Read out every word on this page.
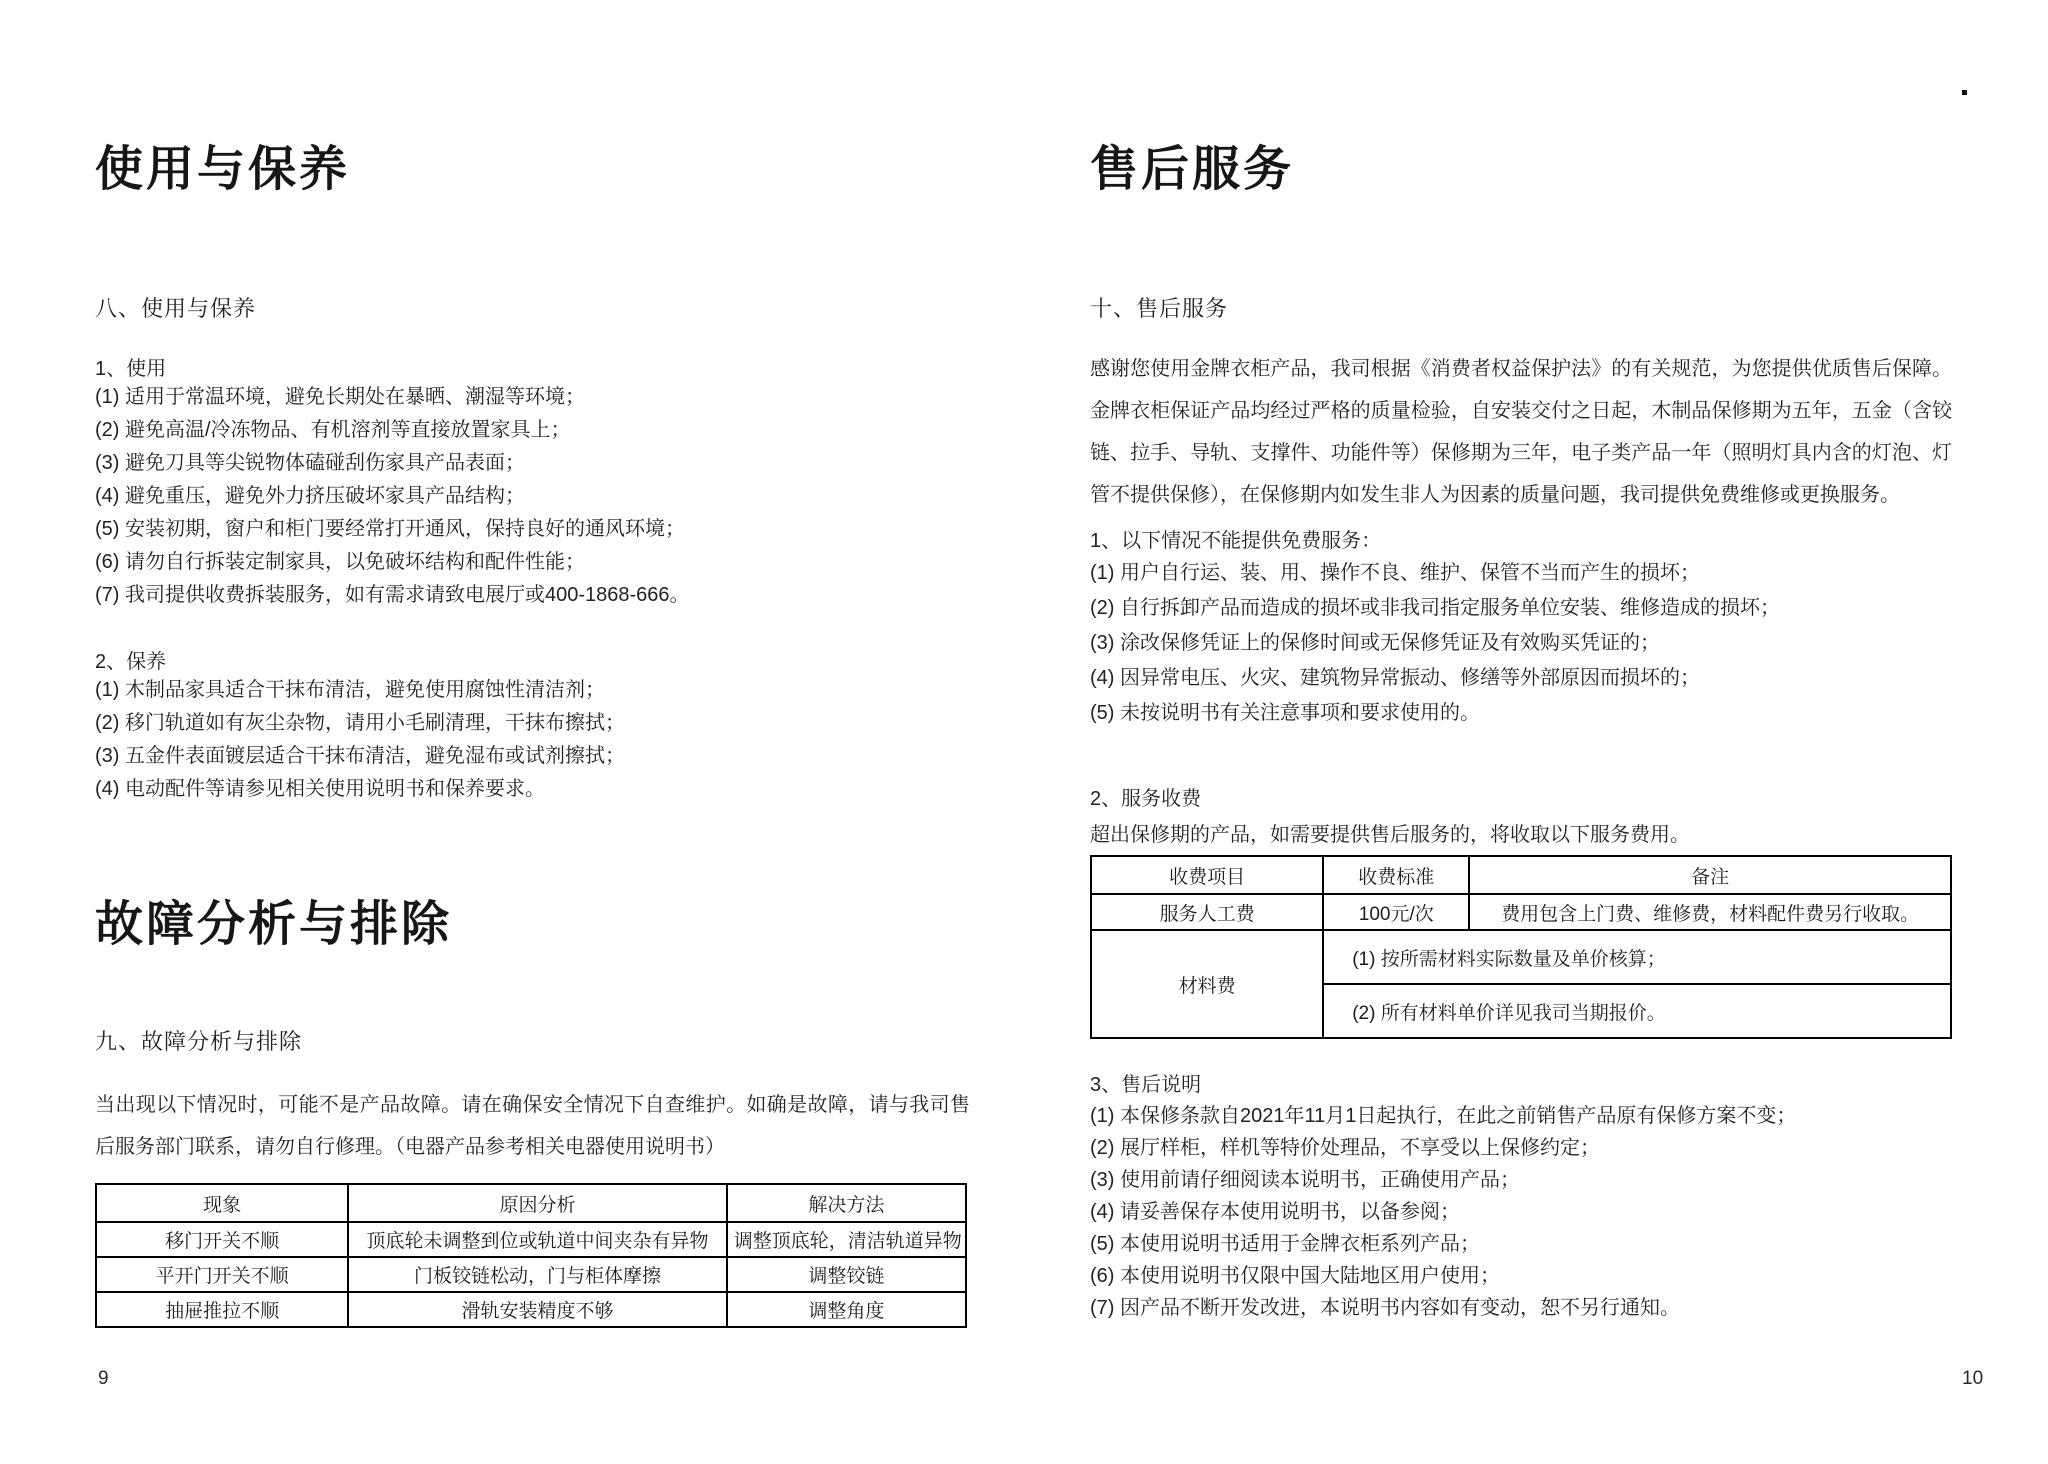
使用与保养
八、使用与保养
1、使用
(1) 适用于常温环境，避免长期处在暴晒、潮湿等环境；
(2) 避免高温/冷冻物品、有机溶剂等直接放置家具上；
(3) 避免刀具等尖锐物体磕碰刮伤家具产品表面；
(4) 避免重压，避免外力挤压破坏家具产品结构；
(5) 安装初期，窗户和柜门要经常打开通风，保持良好的通风环境；
(6) 请勿自行拆装定制家具，以免破坏结构和配件性能；
(7) 我司提供收费拆装服务，如有需求请致电展厅或400-1868-666。
2、保养
(1) 木制品家具适合干抹布清洁，避免使用腐蚀性清洁剂；
(2) 移门轨道如有灰尘杂物，请用小毛刷清理，干抹布擦拭；
(3) 五金件表面镀层适合干抹布清洁，避免湿布或试剂擦拭；
(4) 电动配件等请参见相关使用说明书和保养要求。
故障分析与排除
九、故障分析与排除
当出现以下情况时，可能不是产品故障。请在确保安全情况下自查维护。如确是故障，请与我司售后服务部门联系，请勿自行修理。（电器产品参考相关电器使用说明书）
现象	原因分析	解决方法
移门开关不顺	顶底轮未调整到位或轨道中间夹杂有异物	调整顶底轮，清洁轨道异物
平开门开关不顺	门板铰链松动，门与柜体摩擦	调整铰链
抽屉推拉不顺	滑轨安装精度不够	调整角度
9
售后服务
十、售后服务
感谢您使用金牌衣柜产品，我司根据《消费者权益保护法》的有关规范，为您提供优质售后保障。金牌衣柜保证产品均经过严格的质量检验，自安装交付之日起，木制品保修期为五年，五金（含铰链、拉手、导轨、支撑件、功能件等）保修期为三年，电子类产品一年（照明灯具内含的灯泡、灯管不提供保修），在保修期内如发生非人为因素的质量问题，我司提供免费维修或更换服务。
1、以下情况不能提供免费服务：
(1) 用户自行运、装、用、操作不良、维护、保管不当而产生的损坏；
(2) 自行拆卸产品而造成的损坏或非我司指定服务单位安装、维修造成的损坏；
(3) 涂改保修凭证上的保修时间或无保修凭证及有效购买凭证的；
(4) 因异常电压、火灾、建筑物异常振动、修缮等外部原因而损坏的；
(5) 未按说明书有关注意事项和要求使用的。
2、服务收费
超出保修期的产品，如需要提供售后服务的，将收取以下服务费用。
收费项目	收费标准	备注
服务人工费	100元/次	费用包含上门费、维修费，材料配件费另行收取。
材料费	(1) 按所需材料实际数量及单价核算；	
	(2) 所有材料单价详见我司当期报价。	
3、售后说明
(1) 本保修条款自2021年11月1日起执行，在此之前销售产品原有保修方案不变；
(2) 展厅样柜，样机等特价处理品，不享受以上保修约定；
(3) 使用前请仔细阅读本说明书，正确使用产品；
(4) 请妥善保存本使用说明书，以备参阅；
(5) 本使用说明书适用于金牌衣柜系列产品；
(6) 本使用说明书仅限中国大陆地区用户使用；
(7) 因产品不断开发改进，本说明书内容如有变动，恕不另行通知。
10
